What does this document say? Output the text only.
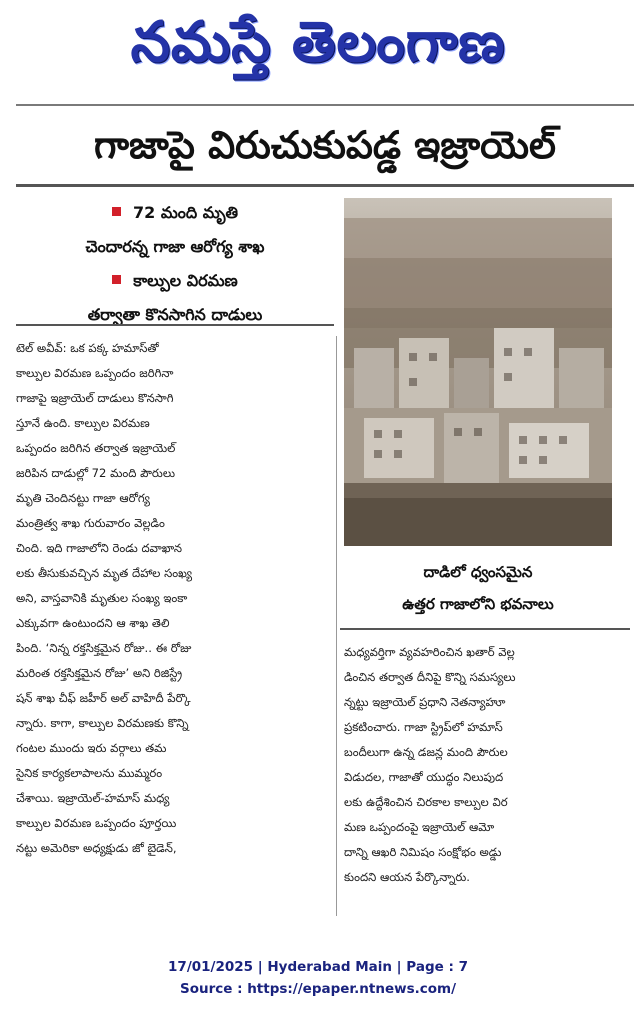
నమస్తే తెలంగాణ
గాజాపై విరుచుకుపడ్డ ఇజ్రాయెల్
72 మంది మృతి
చెందారన్న గాజా ఆరోగ్య శాఖ
కాల్పుల విరమణ
తర్వాతా కొనసాగిన దాడులు
దాడిలో ధ్వంసమైన
ఉత్తర గాజాలోని భవనాలు
టెల్ అవీవ్: ఒక పక్క హమాస్‌తో
కాల్పుల విరమణ ఒప్పందం జరిగినా
గాజాపై ఇజ్రాయెల్ దాడులు కొనసాగి
స్తూనే ఉంది. కాల్పుల విరమణ
ఒప్పందం జరిగిన తర్వాత ఇజ్రాయెల్
జరిపిన దాడుల్లో 72 మంది పౌరులు
మృతి చెందినట్టు గాజా ఆరోగ్య
మంత్రిత్వ శాఖ గురువారం వెల్లడిం
చింది. ఇది గాజాలోని రెండు దవాఖాన
లకు తీసుకువచ్చిన మృత దేహాల సంఖ్య
అని, వాస్తవానికి మృతుల సంఖ్య ఇంకా
ఎక్కువగా ఉంటుందని ఆ శాఖ తెలి
పింది. ‘నిన్న రక్తసిక్తమైన రోజు.. ఈ రోజు
మరింత రక్తసిక్తమైన రోజు’ అని రిజిస్ట్రే
షన్ శాఖ చీఫ్ జహీర్ అల్ వాహిదీ పేర్కొ
న్నారు. కాగా, కాల్పుల విరమణకు కొన్ని
గంటల ముందు ఇరు వర్గాలు తమ
సైనిక కార్యకలాపాలను ముమ్మరం
చేశాయి. ఇజ్రాయెల్-హమాస్ మధ్య
కాల్పుల విరమణ ఒప్పందం పూర్తయి
నట్టు అమెరికా అధ్యక్షుడు జో బైడెన్,
మధ్యవర్తిగా వ్యవహరించిన ఖతార్ వెల్ల
డించిన తర్వాత దీనిపై కొన్ని సమస్యలు
న్నట్టు ఇజ్రాయెల్ ప్రధాని నెతన్యాహూ
ప్రకటించారు. గాజా స్ట్రిప్‌లో హమాస్
బందీలుగా ఉన్న డజన్ల మంది పౌరుల
విడుదల, గాజాతో యుద్ధం నిలుపుద
లకు ఉద్దేశించిన చిరకాల కాల్పుల విర
మణ ఒప్పందంపై ఇజ్రాయెల్ ఆమో
దాన్ని ఆఖరి నిమిషం సంక్షోభం అడ్డు
కుందని ఆయన పేర్కొన్నారు.
17/01/2025 | Hyderabad Main | Page : 7
Source : https://epaper.ntnews.com/
